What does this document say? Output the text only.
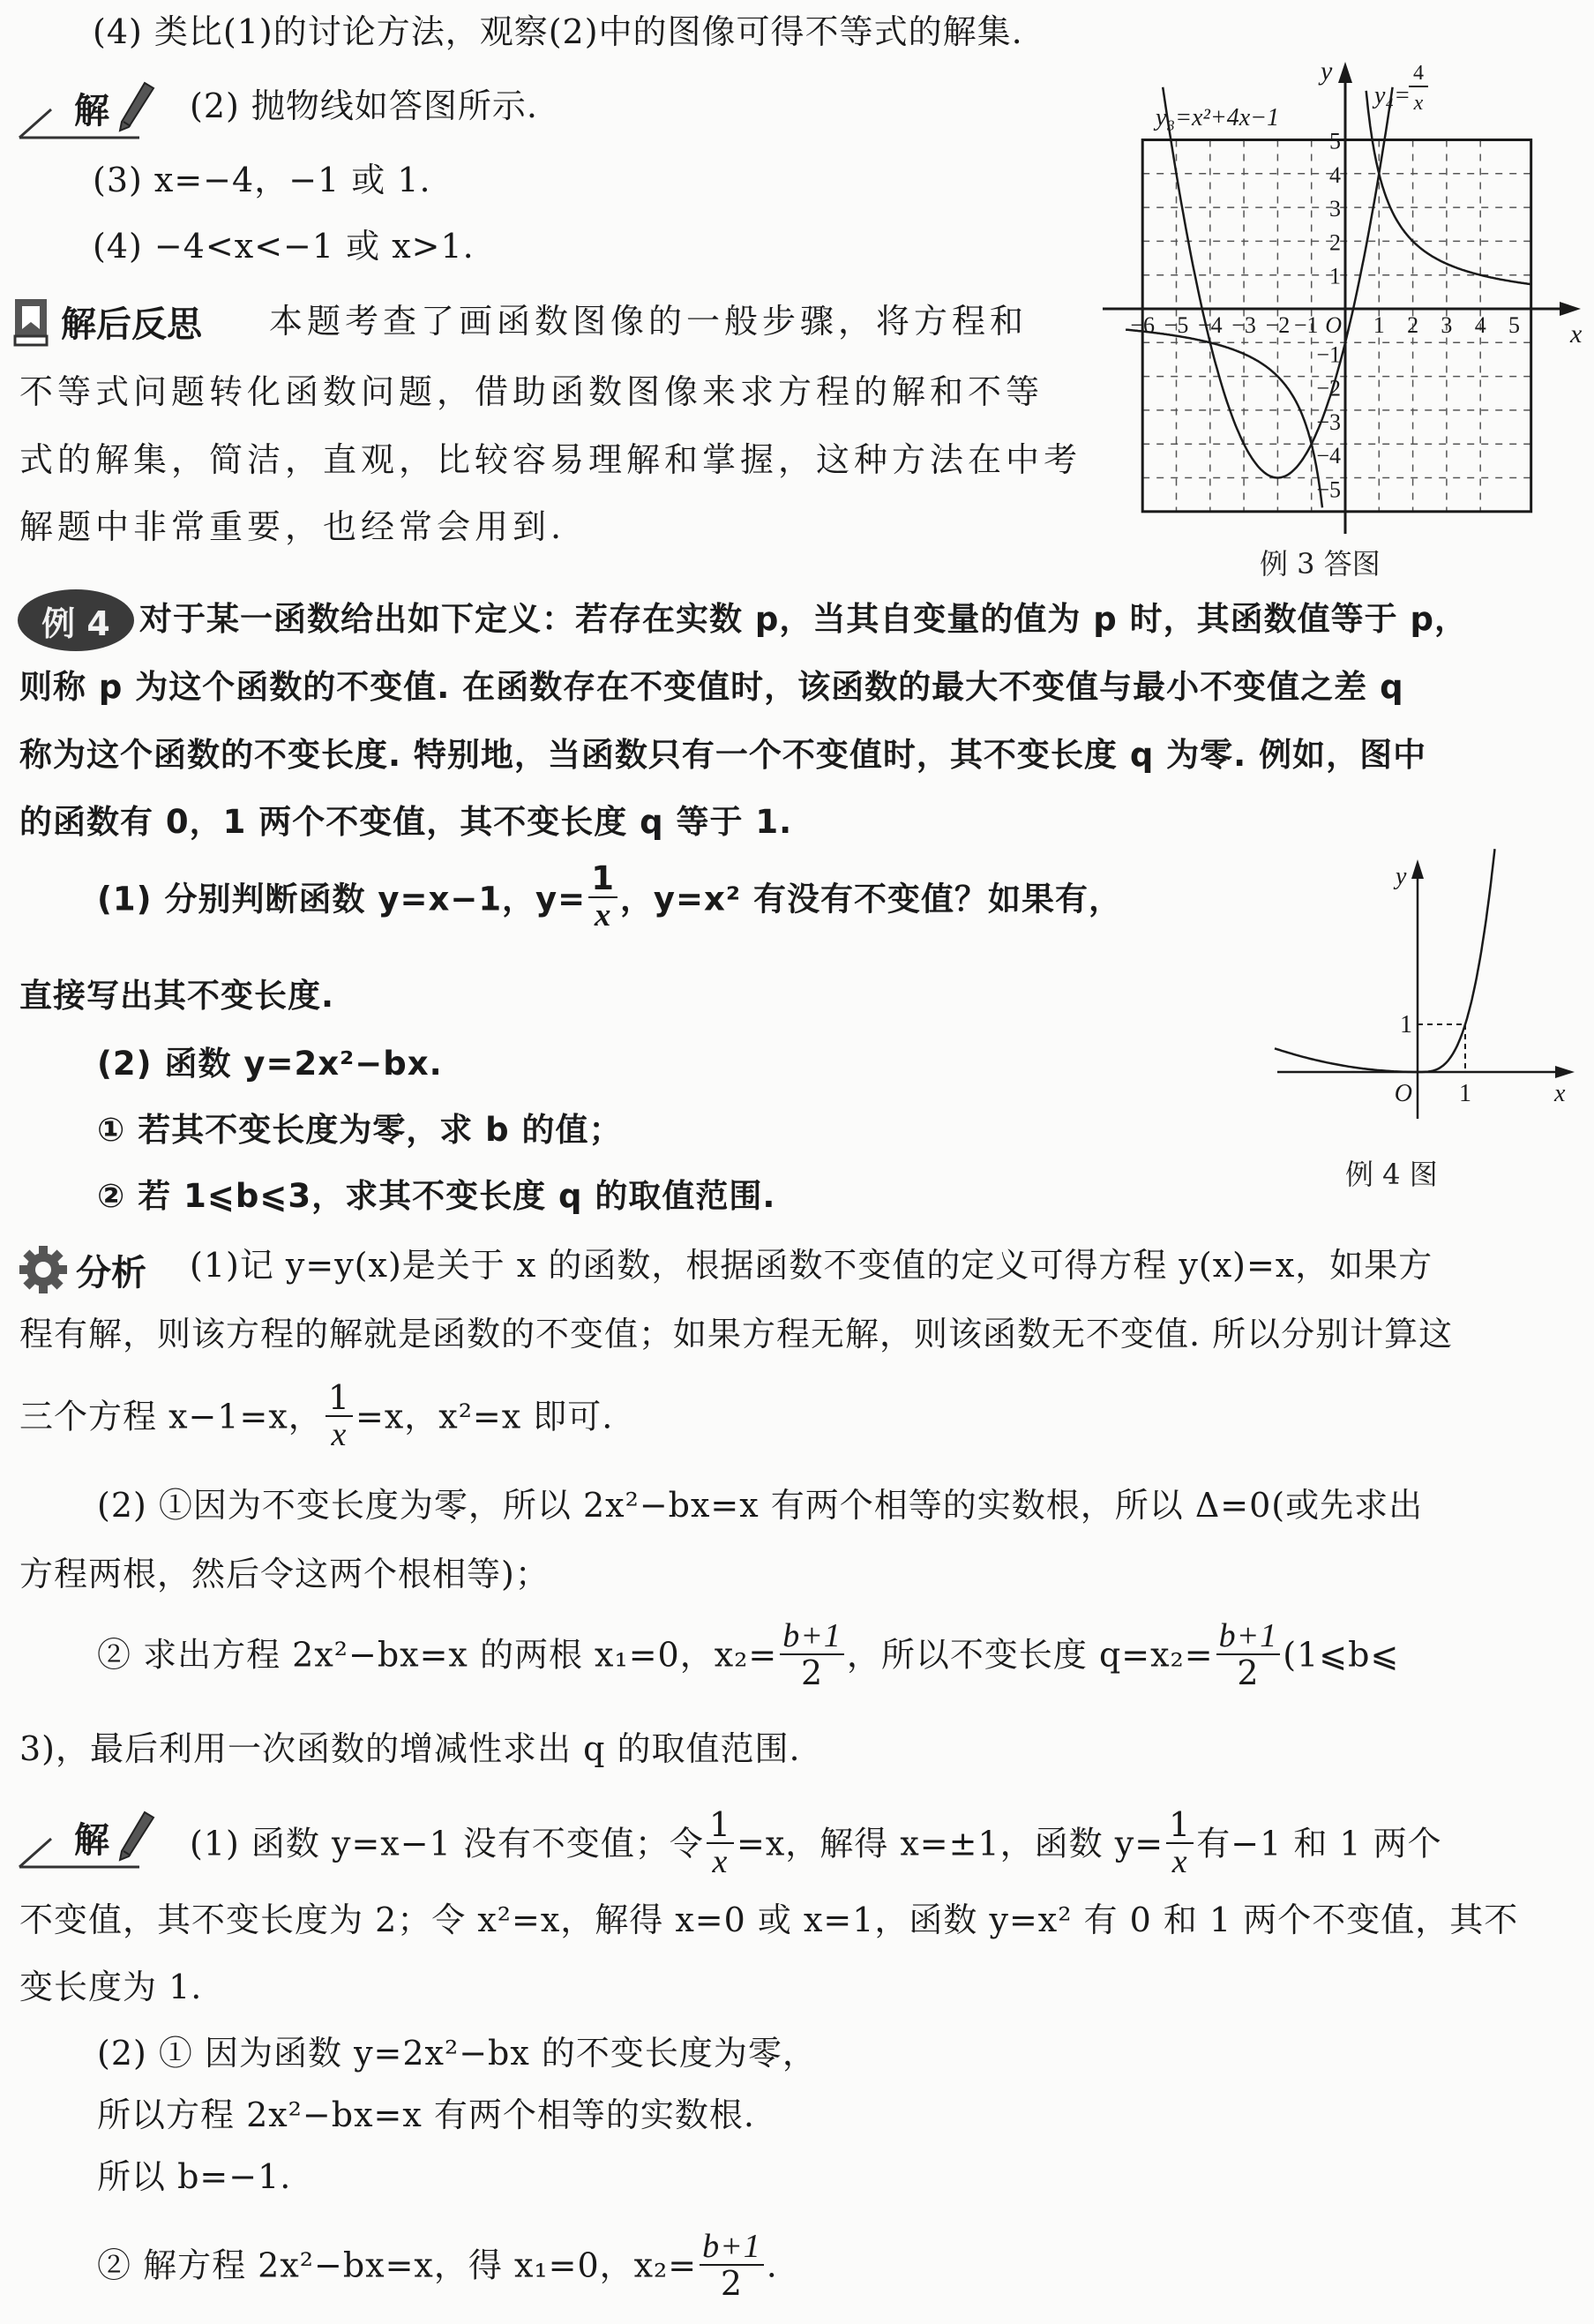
(4) 类比(1)的讨论方法，观察(2)中的图像可得不等式的解集.
解 (2) 抛物线如答图所示.
(3) x=−4，−1 或 1.
(4) −4<x<−1 或 x>1.
解后反思 本题考查了画函数图像的一般步骤，将方程和
不等式问题转化函数问题，借助函数图像来求方程的解和不等
式的解集，简洁，直观，比较容易理解和掌握，这种方法在中考
解题中非常重要，也经常会用到.
x
y
O
−6 −5 −4 −3 −2 −1 1 2 3 4 5
5
4
3
2
1
−1
−2
−3
−4
−5
y₃=x²+4x−1
y₄=
4
x
例 3 答图
例 4 对于某一函数给出如下定义：若存在实数 p，当其自变量的值为 p 时，其函数值等于 p，
则称 p 为这个函数的不变值. 在函数存在不变值时，该函数的最大不变值与最小不变值之差 q
称为这个函数的不变长度. 特别地，当函数只有一个不变值时，其不变长度 q 为零. 例如，图中
的函数有 0，1 两个不变值，其不变长度 q 等于 1.
(1) 分别判断函数 y=x−1，$y= \frac{1}{x}$ ，y=x² 有没有不变值？如果有，
直接写出其不变长度.
(2) 函数 y=2x²−bx.
① 若其不变长度为零，求 b 的值；
② 若 1⩽b⩽3，求其不变长度 q 的取值范围.
x
y
O 1
1
例 4 图
分析 (1)记 y=y(x)是关于 x 的函数，根据函数不变值的定义可得方程 y(x)=x，如果方
程有解，则该方程的解就是函数的不变值；如果方程无解，则该函数无不变值. 所以分别计算这
三个方程 x−1=x， $\frac{1}{x} =x$，x²=x 即可.
(2) ①因为不变长度为零，所以 2x²−bx=x 有两个相等的实数根，所以 Δ=0(或先求出
方程两根，然后令这两个根相等)；
② 求出方程 2x²−bx=x 的两根 x₁=0，$x_2= \frac{b+1}{2}$ ，所以不变长度 $q=x_2= \frac{b+1}{2}$ (1⩽b⩽
3)，最后利用一次函数的增减性求出 q 的取值范围.
解 (1) 函数 y=x−1 没有不变值；令 $\frac{1}{x} =x$，解得 x=±1，函数 $y= \frac{1}{x}$ 有−1 和 1 两个
不变值，其不变长度为 2；令 x²=x，解得 x=0 或 x=1，函数 y=x² 有 0 和 1 两个不变值，其不
变长度为 1.
(2) ① 因为函数 y=2x²−bx 的不变长度为零，
所以方程 2x²−bx=x 有两个相等的实数根.
所以 b=−1.
② 解方程 2x²−bx=x，得 x₁=0，$x_2= \frac{b+1}{2}$ .
